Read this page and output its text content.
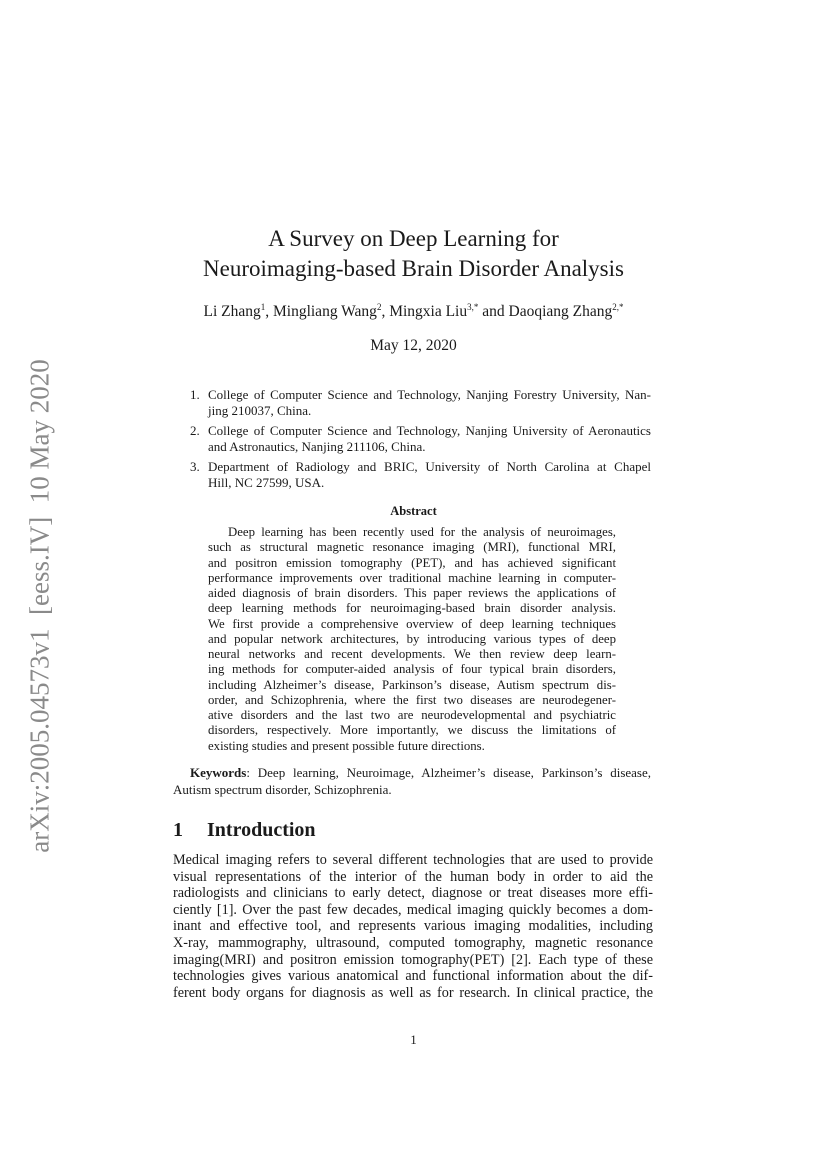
arXiv:2005.04573v1  [eess.IV]  10 May 2020
A Survey on Deep Learning for
Neuroimaging-based Brain Disorder Analysis
Li Zhang$^1$, Mingliang Wang$^2$, Mingxia Liu$^{3,*}$ and Daoqiang Zhang$^{2,*}$
May 12, 2020
1. College of Computer Science and Technology, Nanjing Forestry University, Nan-
jing 210037, China.
2. College of Computer Science and Technology, Nanjing University of Aeronautics
and Astronautics, Nanjing 211106, China.
3. Department of Radiology and BRIC, University of North Carolina at Chapel
Hill, NC 27599, USA.
Abstract
Deep learning has been recently used for the analysis of neuroimages,
such as structural magnetic resonance imaging (MRI), functional MRI,
and positron emission tomography (PET), and has achieved significant
performance improvements over traditional machine learning in computer-
aided diagnosis of brain disorders. This paper reviews the applications of
deep learning methods for neuroimaging-based brain disorder analysis.
We first provide a comprehensive overview of deep learning techniques
and popular network architectures, by introducing various types of deep
neural networks and recent developments. We then review deep learn-
ing methods for computer-aided analysis of four typical brain disorders,
including Alzheimer’s disease, Parkinson’s disease, Autism spectrum dis-
order, and Schizophrenia, where the first two diseases are neurodegener-
ative disorders and the last two are neurodevelopmental and psychiatric
disorders, respectively. More importantly, we discuss the limitations of
existing studies and present possible future directions.
Keywords: Deep learning, Neuroimage, Alzheimer’s disease, Parkinson’s disease,
Autism spectrum disorder, Schizophrenia.
1 Introduction
Medical imaging refers to several different technologies that are used to provide
visual representations of the interior of the human body in order to aid the
radiologists and clinicians to early detect, diagnose or treat diseases more effi-
ciently [1]. Over the past few decades, medical imaging quickly becomes a dom-
inant and effective tool, and represents various imaging modalities, including
X-ray, mammography, ultrasound, computed tomography, magnetic resonance
imaging(MRI) and positron emission tomography(PET) [2]. Each type of these
technologies gives various anatomical and functional information about the dif-
ferent body organs for diagnosis as well as for research. In clinical practice, the
1
